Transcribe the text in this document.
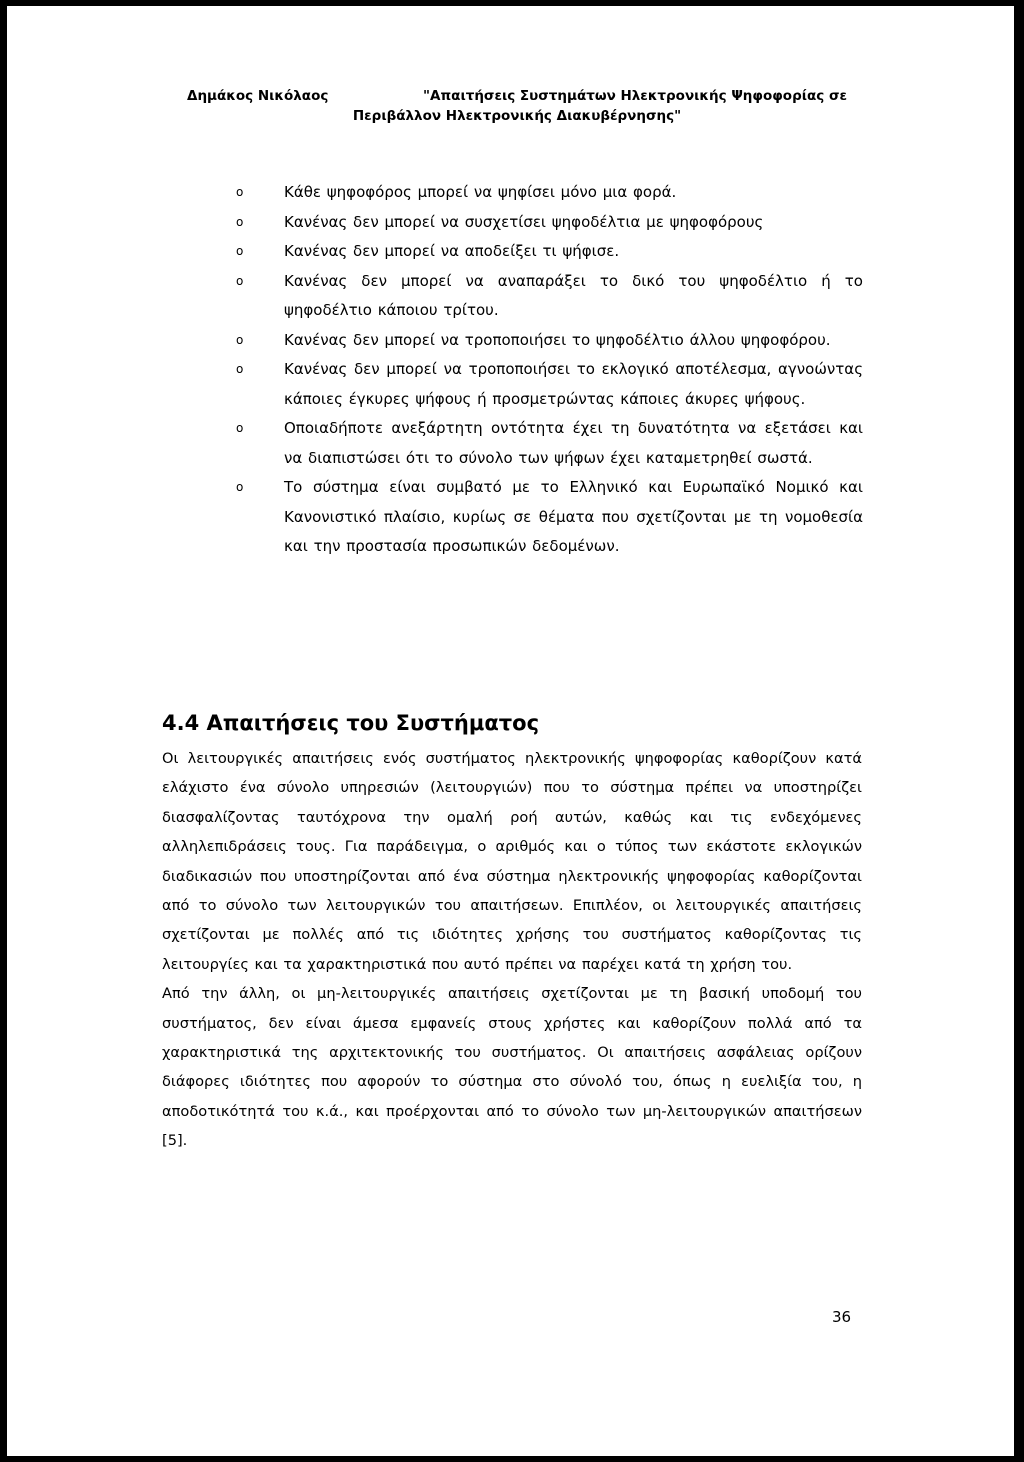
Δημάκος Νικόλαος	"Απαιτήσεις Συστημάτων Ηλεκτρονικής Ψηφοφορίας σε
Περιβάλλον Ηλεκτρονικής Διακυβέρνησης"
o	Κάθε ψηφοφόρος μπορεί να ψηφίσει μόνο μια φορά.
o	Κανένας δεν μπορεί να συσχετίσει ψηφοδέλτια με ψηφοφόρους
o	Κανένας δεν μπορεί να αποδείξει τι ψήφισε.
o	Κανένας δεν μπορεί να αναπαράξει το δικό του ψηφοδέλτιο ή το ψηφοδέλτιο κάποιου τρίτου.
o	Κανένας δεν μπορεί να τροποποιήσει το ψηφοδέλτιο άλλου ψηφοφόρου.
o	Κανένας δεν μπορεί να τροποποιήσει το εκλογικό αποτέλεσμα, αγνοώντας κάποιες έγκυρες ψήφους ή προσμετρώντας κάποιες άκυρες ψήφους.
o	Οποιαδήποτε ανεξάρτητη οντότητα έχει τη δυνατότητα να εξετάσει και να διαπιστώσει ότι το σύνολο των ψήφων έχει καταμετρηθεί σωστά.
o	Το σύστημα είναι συμβατό με το Ελληνικό και Ευρωπαϊκό Νομικό και Κανονιστικό πλαίσιο, κυρίως σε θέματα που σχετίζονται με τη νομοθεσία και την προστασία προσωπικών δεδομένων.
4.4 Απαιτήσεις του Συστήματος

Οι λειτουργικές απαιτήσεις ενός συστήματος ηλεκτρονικής ψηφοφορίας καθορίζουν κατά ελάχιστο ένα σύνολο υπηρεσιών (λειτουργιών) που το σύστημα πρέπει να υποστηρίζει διασφαλίζοντας ταυτόχρονα την ομαλή ροή αυτών, καθώς και τις ενδεχόμενες αλληλεπιδράσεις τους. Για παράδειγμα, ο αριθμός και ο τύπος των εκάστοτε εκλογικών διαδικασιών που υποστηρίζονται από ένα σύστημα ηλεκτρονικής ψηφοφορίας καθορίζονται από το σύνολο των λειτουργικών του απαιτήσεων. Επιπλέον, οι λειτουργικές απαιτήσεις σχετίζονται με πολλές από τις ιδιότητες χρήσης του συστήματος καθορίζοντας τις λειτουργίες και τα χαρακτηριστικά που αυτό πρέπει να παρέχει κατά τη χρήση του.

Από την άλλη, οι μη-λειτουργικές απαιτήσεις σχετίζονται με τη βασική υποδομή του συστήματος, δεν είναι άμεσα εμφανείς στους χρήστες και καθορίζουν πολλά από τα χαρακτηριστικά της αρχιτεκτονικής του συστήματος. Οι απαιτήσεις ασφάλειας ορίζουν διάφορες ιδιότητες που αφορούν το σύστημα στο σύνολό του, όπως η ευελιξία του, η αποδοτικότητά του κ.ά., και προέρχονται από το σύνολο των μη-λειτουργικών απαιτήσεων [5].

36
